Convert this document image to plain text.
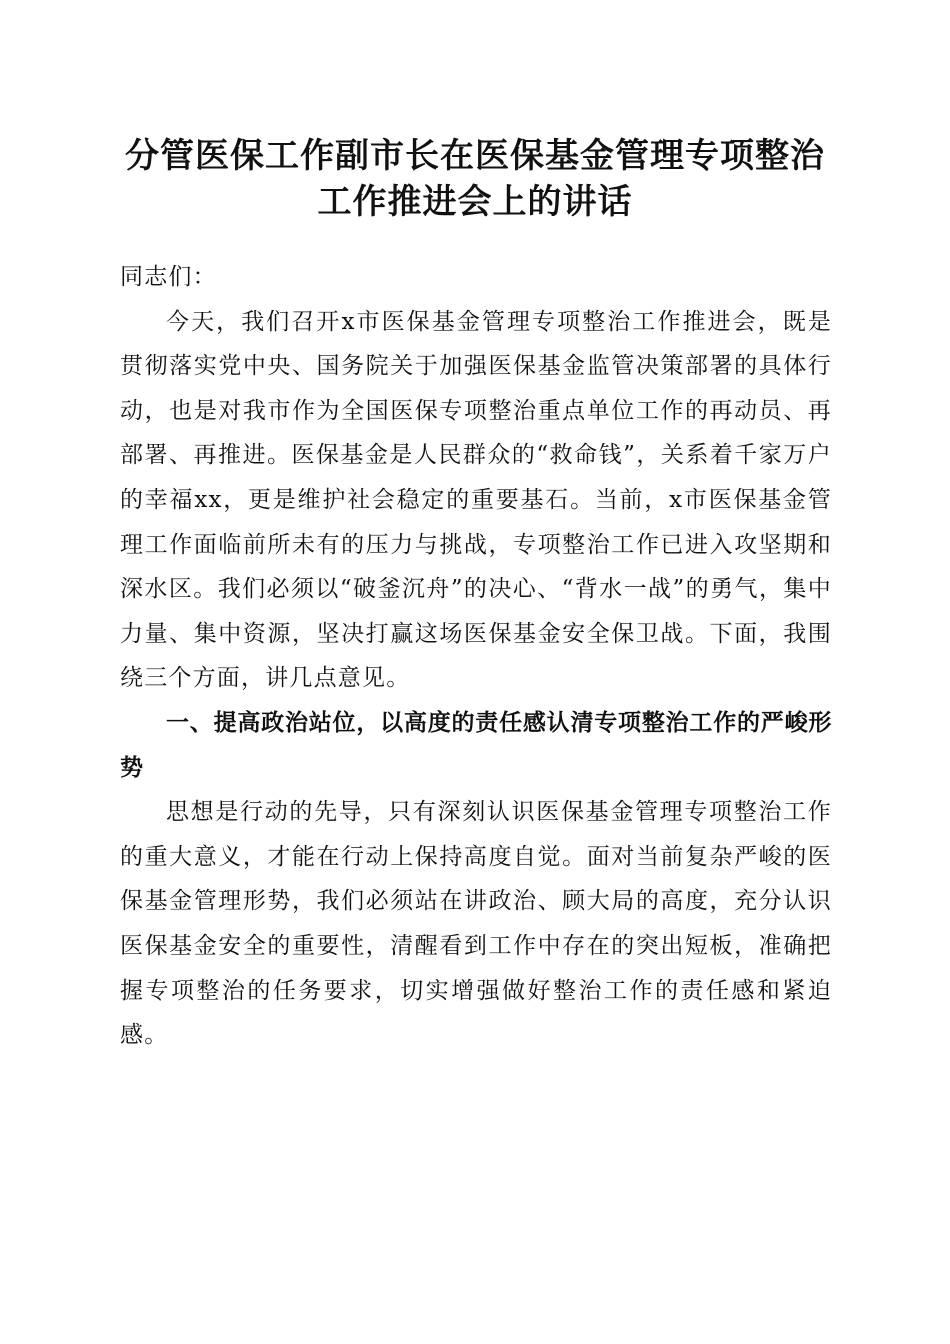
分管医保工作副市长在医保基金管理专项整治
工作推进会上的讲话

同志们：

今天，我们召开x市医保基金管理专项整治工作推进会，既是贯彻落实党中央、国务院关于加强医保基金监管决策部署的具体行动，也是对我市作为全国医保专项整治重点单位工作的再动员、再部署、再推进。医保基金是人民群众的“救命钱”，关系着千家万户的幸福xx，更是维护社会稳定的重要基石。当前，x市医保基金管理工作面临前所未有的压力与挑战，专项整治工作已进入攻坚期和深水区。我们必须以“破釜沉舟”的决心、“背水一战”的勇气，集中力量、集中资源，坚决打赢这场医保基金安全保卫战。下面，我围绕三个方面，讲几点意见。

一、提高政治站位，以高度的责任感认清专项整治工作的严峻形势

思想是行动的先导，只有深刻认识医保基金管理专项整治工作的重大意义，才能在行动上保持高度自觉。面对当前复杂严峻的医保基金管理形势，我们必须站在讲政治、顾大局的高度，充分认识医保基金安全的重要性，清醒看到工作中存在的突出短板，准确把握专项整治的任务要求，切实增强做好整治工作的责任感和紧迫感。
